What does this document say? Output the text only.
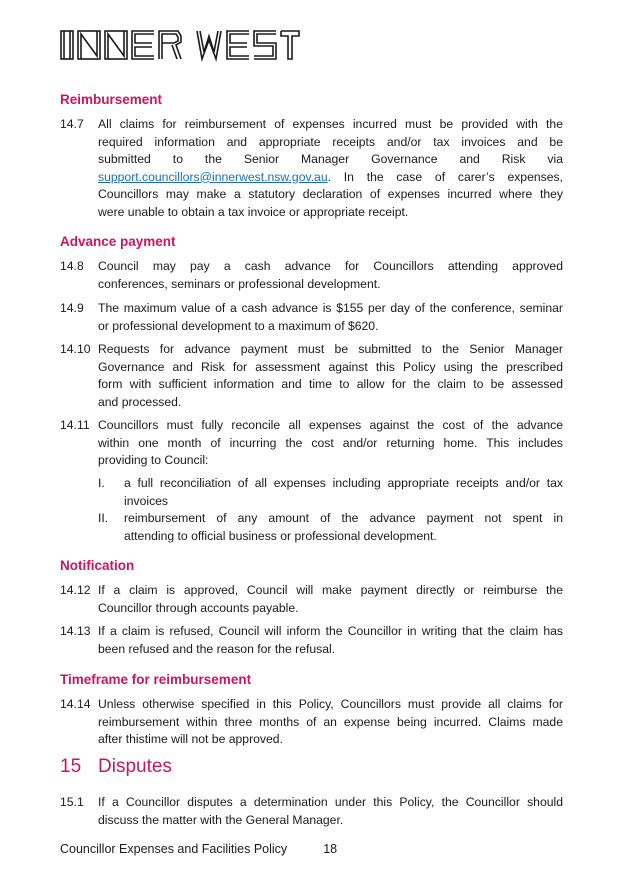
Reimbursement
14.7	All claims for reimbursement of expenses incurred must be provided with the
required information and appropriate receipts and/or tax invoices and be
submitted to the Senior Manager Governance and Risk via
support.councillors@innerwest.nsw.gov.au. In the case of carer’s expenses,
Councillors may make a statutory declaration of expenses incurred where they
were unable to obtain a tax invoice or appropriate receipt.
Advance payment
14.8	Council may pay a cash advance for Councillors attending approved
conferences, seminars or professional development.
14.9	The maximum value of a cash advance is $155 per day of the conference, seminar
or professional development to a maximum of $620.
14.10 Requests for advance payment must be submitted to the Senior Manager
Governance and Risk for assessment against this Policy using the prescribed
form with sufficient information and time to allow for the claim to be assessed
and processed.
14.11 Councillors must fully reconcile all expenses against the cost of the advance
within one month of incurring the cost and/or returning home. This includes
providing to Council:
I.	a full reconciliation of all expenses including appropriate receipts and/or tax
invoices
II.	reimbursement of any amount of the advance payment not spent in
attending to official business or professional development.
Notification
14.12 If a claim is approved, Council will make payment directly or reimburse the
Councillor through accounts payable.
14.13 If a claim is refused, Council will inform the Councillor in writing that the claim has
been refused and the reason for the refusal.
Timeframe for reimbursement
14.14 Unless otherwise specified in this Policy, Councillors must provide all claims for
reimbursement within three months of an expense being incurred. Claims made
after thistime will not be approved.
15 Disputes
15.1	If a Councillor disputes a determination under this Policy, the Councillor should
discuss the matter with the General Manager.
Councillor Expenses and Facilities Policy	18
